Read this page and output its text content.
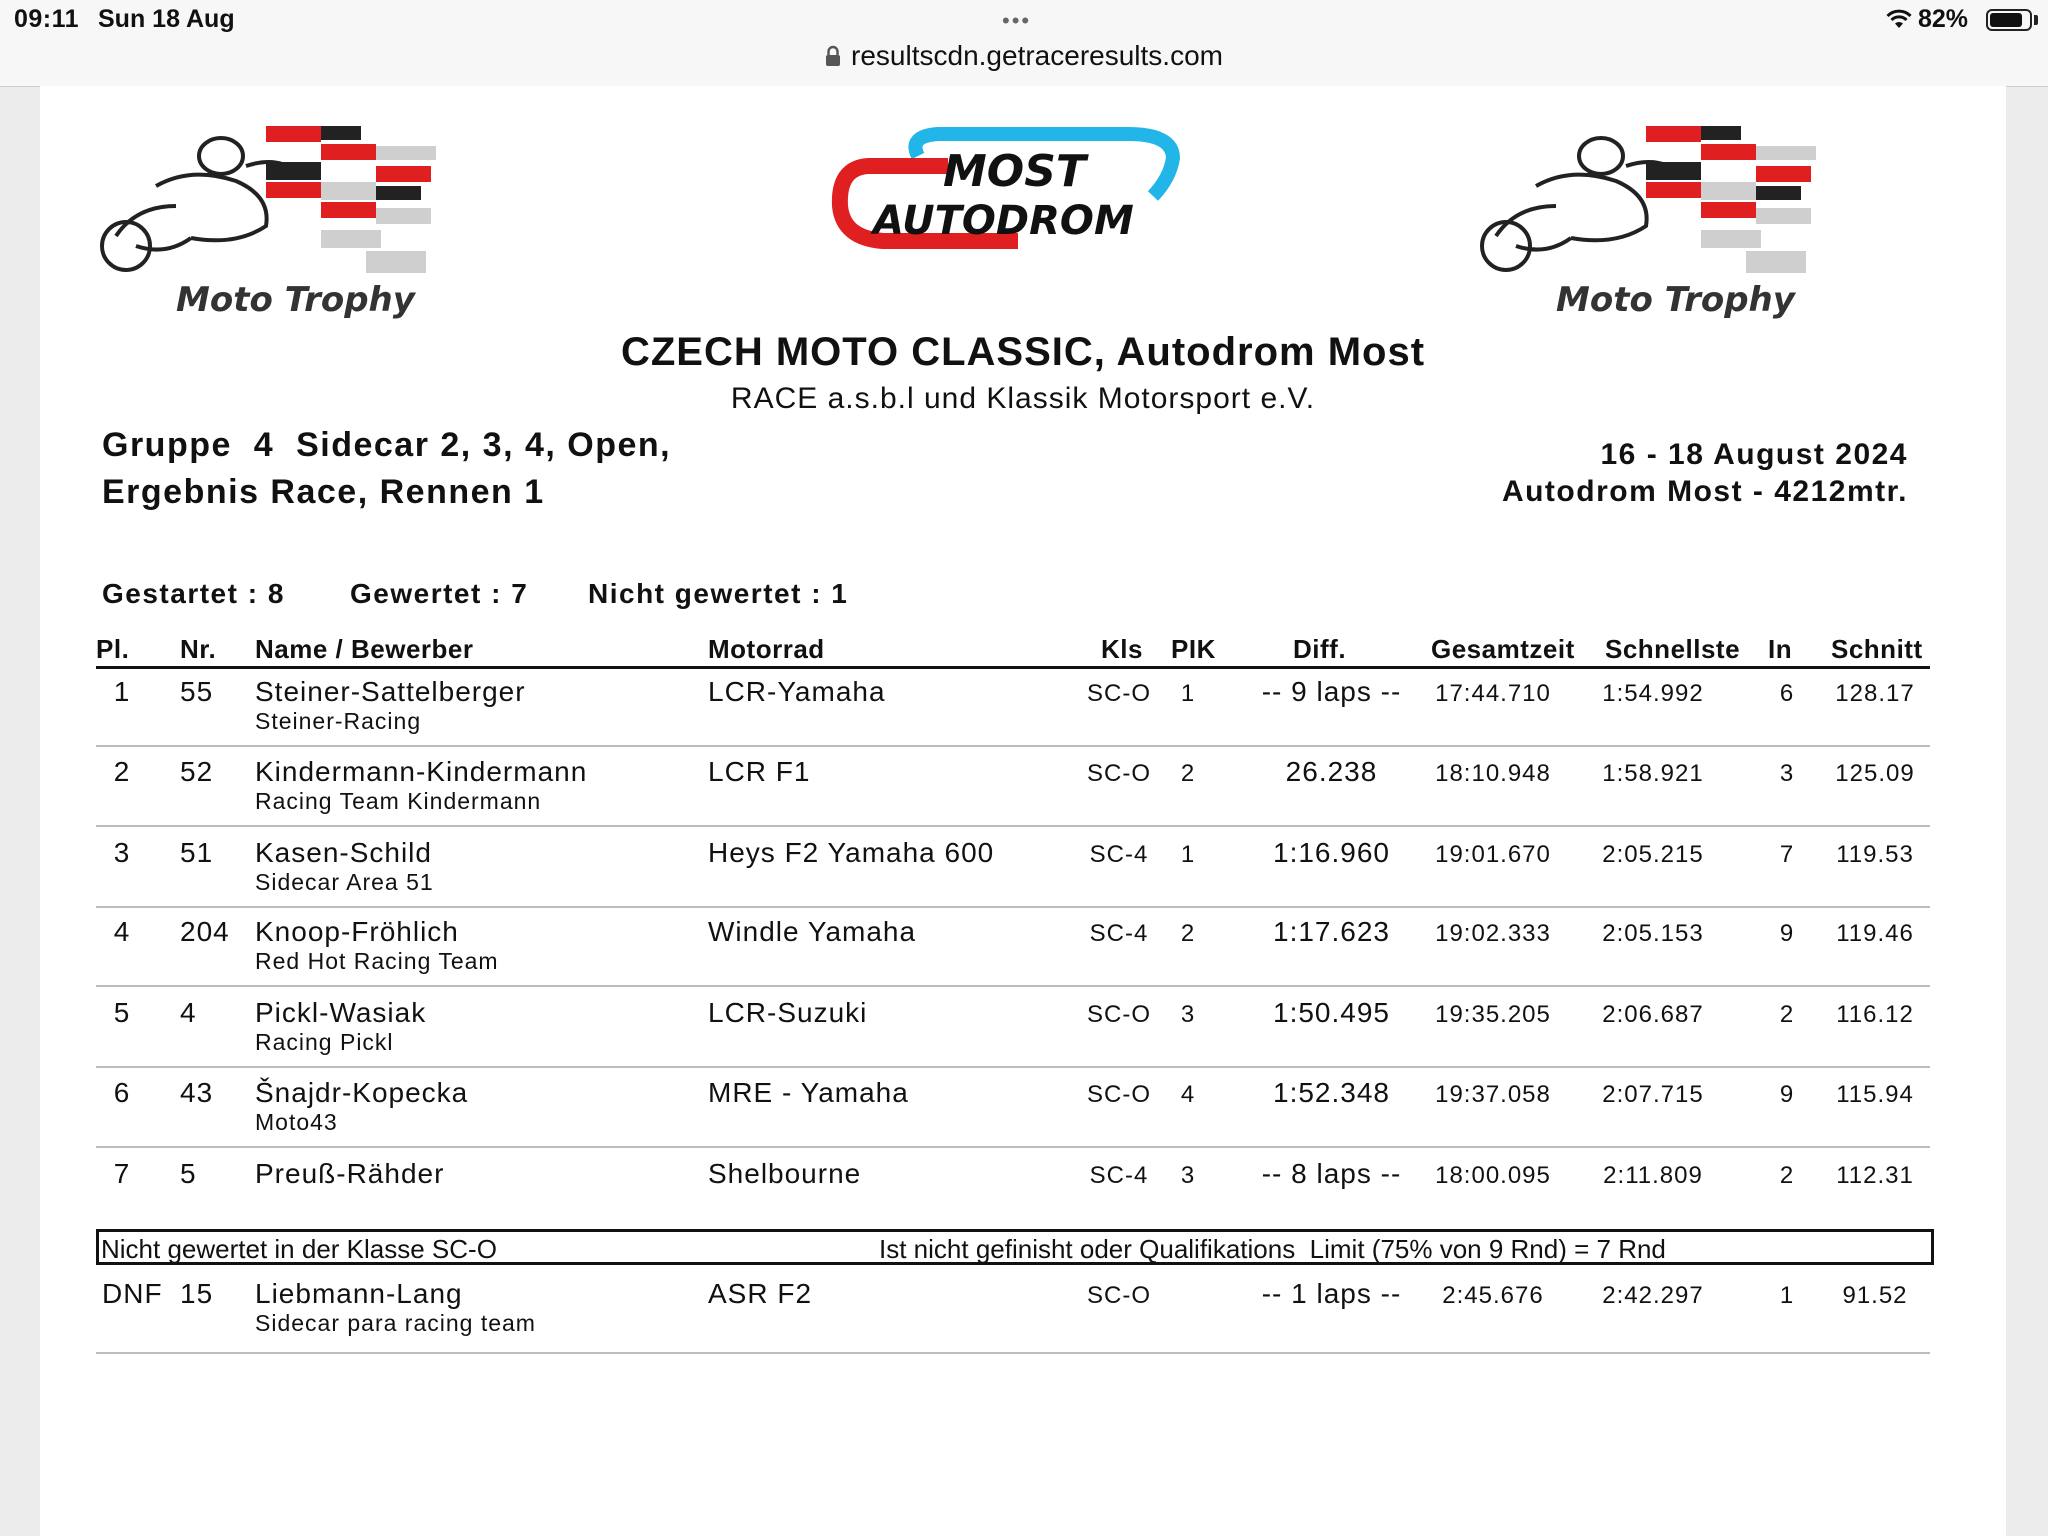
09:11 Sun 18 Aug	•••	82%
resultscdn.getraceresults.com
Moto Trophy
MOST
AUTODROM
Moto Trophy
CZECH MOTO CLASSIC, Autodrom Most
RACE a.s.b.l und Klassik Motorsport e.V.
Gruppe  4  Sidecar 2, 3, 4, Open,
Ergebnis Race, Rennen 1
16 - 18 August 2024
Autodrom Most - 4212mtr.
Gestartet : 8 Gewertet : 7 Nicht gewertet : 1
Pl. Nr. Name / Bewerber	Motorrad	Kls PIK	Diff.	Gesamtzeit Schnellste In Schnitt
1	55 Steiner-Sattelberger	LCR-Yamaha	SC-O	1	-- 9 laps --	17:44.710	1:54.992	6	128.17
Steiner-Racing
2	52 Kindermann-Kindermann	LCR F1	SC-O	2	26.238	18:10.948	1:58.921	3	125.09
Racing Team Kindermann
3	51 Kasen-Schild	Heys F2 Yamaha 600	SC-4	1	1:16.960	19:01.670	2:05.215	7	119.53
Sidecar Area 51
4	204 Knoop-Fröhlich	Windle Yamaha	SC-4	2	1:17.623	19:02.333	2:05.153	9	119.46
Red Hot Racing Team
5	4 Pickl-Wasiak	LCR-Suzuki	SC-O	3	1:50.495	19:35.205	2:06.687	2	116.12
Racing Pickl
6	43 Šnajdr-Kopecka	MRE - Yamaha	SC-O	4	1:52.348	19:37.058	2:07.715	9	115.94
Moto43
7	5 Preuß-Rähder	Shelbourne	SC-4	3	-- 8 laps --	18:00.095	2:11.809	2	112.31
Nicht gewertet in der Klasse SC-O	Ist nicht gefinisht oder Qualifikations  Limit (75% von 9 Rnd) = 7 Rnd
DNF 15 Liebmann-Lang	ASR F2	SC-O	-- 1 laps --	2:45.676	2:42.297	1	91.52
Sidecar para racing team
